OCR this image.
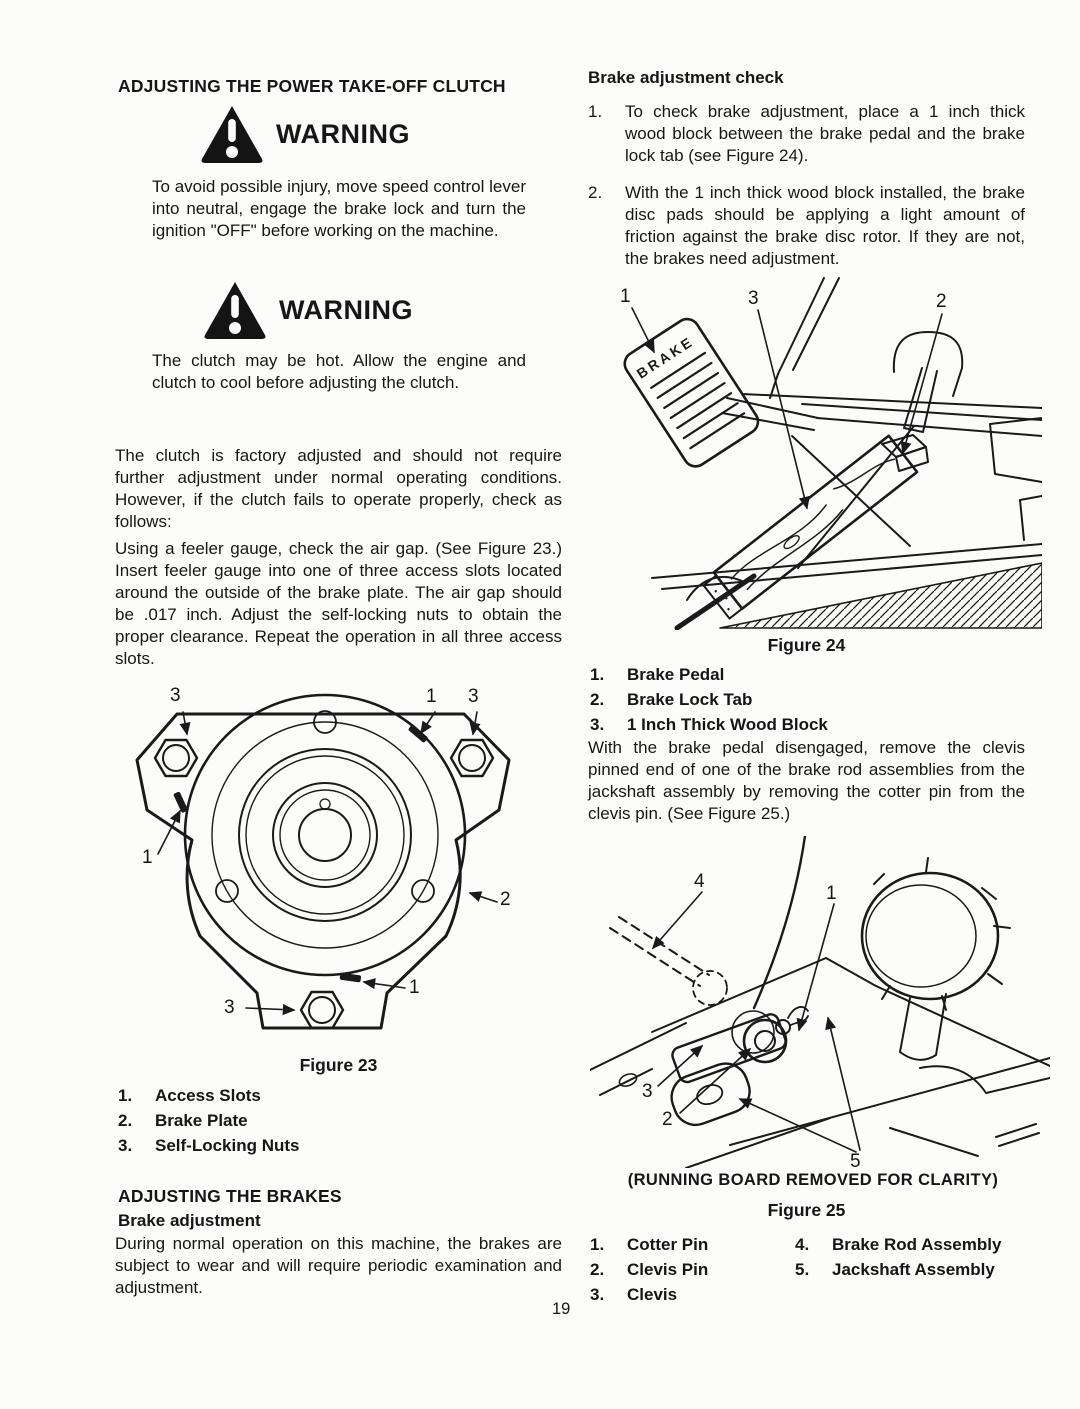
ADJUSTING THE POWER TAKE-OFF CLUTCH
WARNING
To avoid possible injury, move speed control lever into neutral, engage the brake lock and turn the ignition "OFF" before working on the machine.
WARNING
The clutch may be hot. Allow the engine and clutch to cool before adjusting the clutch.
The clutch is factory adjusted and should not require further adjustment under normal operating conditions. However, if the clutch fails to operate properly, check as follows:
Using a feeler gauge, check the air gap. (See Figure 23.) Insert feeler gauge into one of three access slots located around the outside of the brake plate. The air gap should be .017 inch. Adjust the self-locking nuts to obtain the proper clearance. Repeat the operation in all three access slots.
3	1 3
1
2
1
3
Figure 23
1.	Access Slots
2.	Brake Plate
3.	Self-Locking Nuts
ADJUSTING THE BRAKES
Brake adjustment
During normal operation on this machine, the brakes are subject to wear and will require periodic examination and adjustment.
Brake adjustment check
1.	To check brake adjustment, place a 1 inch thick wood block between the brake pedal and the brake lock tab (see Figure 24).
2.	With the 1 inch thick wood block installed, the brake disc pads should be applying a light amount of friction against the brake disc rotor. If they are not, the brakes need adjustment.
BRAKE
1	3	2
Figure 24
1.	Brake Pedal
2.	Brake Lock Tab
3.	1 Inch Thick Wood Block
With the brake pedal disengaged, remove the clevis pinned end of one of the brake rod assemblies from the jackshaft assembly by removing the cotter pin from the clevis pin. (See Figure 25.)
4
1
3
2
5
(RUNNING BOARD REMOVED FOR CLARITY)
Figure 25
1.	Cotter Pin
2.	Clevis Pin
3.	Clevis
4.	Brake Rod Assembly
5.	Jackshaft Assembly
19
